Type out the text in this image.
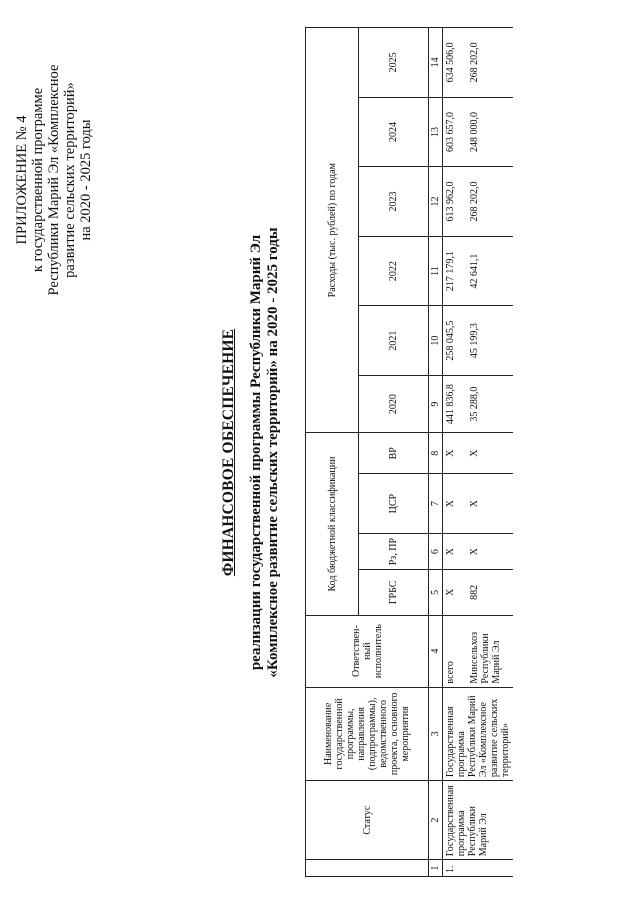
ПРИЛОЖЕНИЕ № 4 к государственной программе Республики Марий Эл «Комплексное развитие сельских территорий» на 2020 - 2025 годы
ФИНАНСОВОЕ ОБЕСПЕЧЕНИЕ реализации государственной программы Республики Марий Эл «Комплексное развитие сельских территорий» на 2020 - 2025 годы
	Статус	Наименование государственной программы, направления (подпрограммы), ведомственного проекта, основного мероприятия	Ответствен-ный исполнитель	Код бюджетной классификации				Расходы (тыс. рублей) по годам					
				ГРБС	Рз, ПР	ЦСР	ВР	2020	2021	2022	2023	2024	2025
1	2	3	4	5	6	7	8	9	10	11	12	13	14
1.	Государственная программа Республики Марий Эл	Государственная программа Республики Марий Эл «Комплексное развитие сельских территорий»	всего	Х	Х	Х	Х	441 836,8	258 045,5	217 179,1	613 962,0	603 657,0	634 506,0
			Минсельхоз Республики Марий Эл	882	Х	Х	Х	35 288,0	45 199,3	42 641,1	268 202,0	248 000,0	268 202,0
